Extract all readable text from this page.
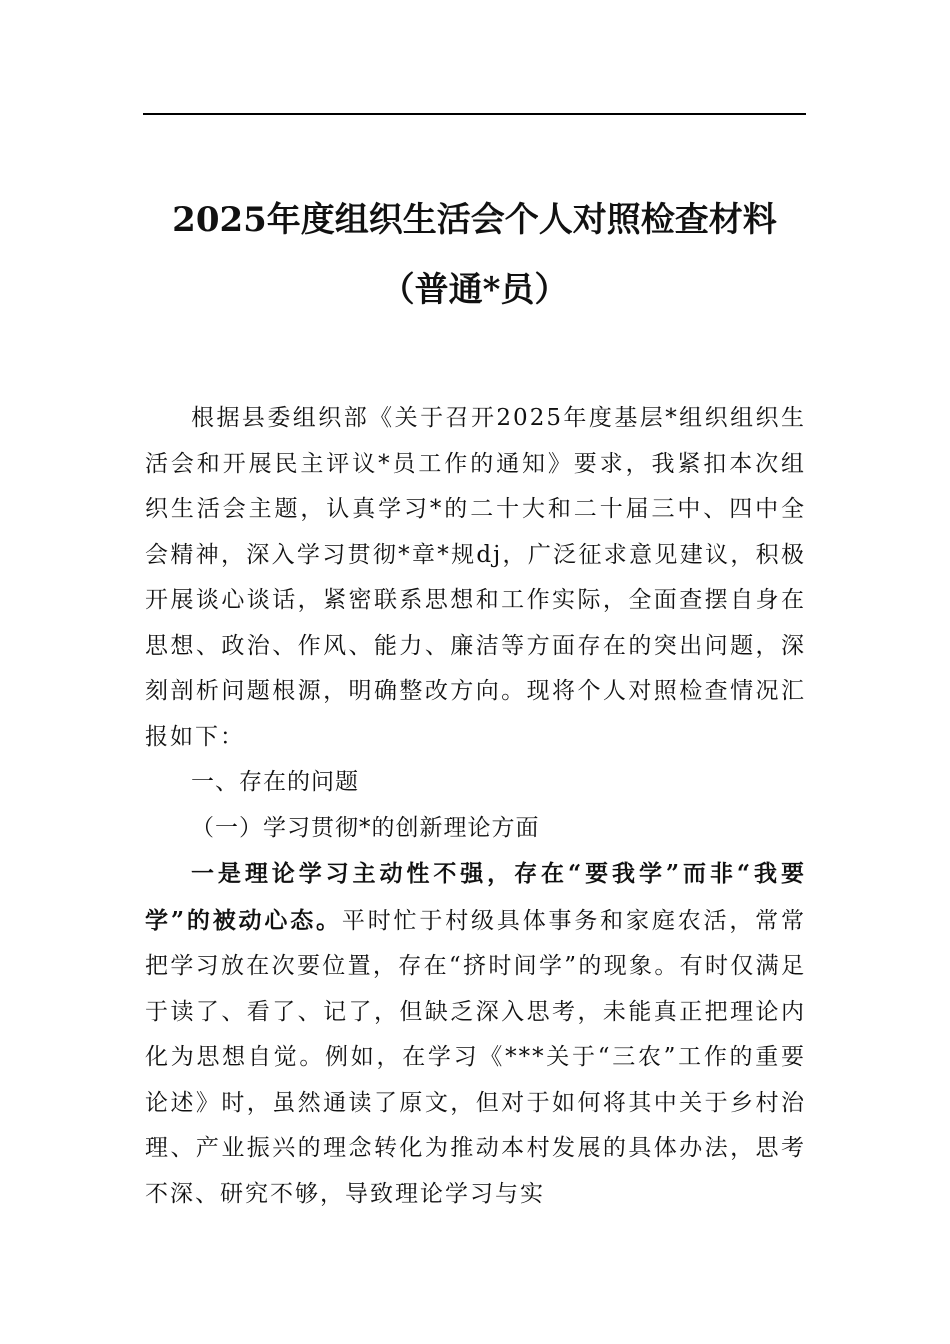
2025年度组织生活会个人对照检查材料
（普通*员）

根据县委组织部《关于召开2025年度基层*组织组织生活会和开展民主评议*员工作的通知》要求，我紧扣本次组织生活会主题，认真学习*的二十大和二十届三中、四中全会精神，深入学习贯彻*章*规dj，广泛征求意见建议，积极开展谈心谈话，紧密联系思想和工作实际，全面查摆自身在思想、政治、作风、能力、廉洁等方面存在的突出问题，深刻剖析问题根源，明确整改方向。现将个人对照检查情况汇报如下：

一、存在的问题

（一）学习贯彻*的创新理论方面

一是理论学习主动性不强，存在“要我学”而非“我要学”的被动心态。平时忙于村级具体事务和家庭农活，常常把学习放在次要位置，存在“挤时间学”的现象。有时仅满足于读了、看了、记了，但缺乏深入思考，未能真正把理论内化为思想自觉。例如，在学习《***关于“三农”工作的重要论述》时，虽然通读了原文，但对于如何将其中关于乡村治理、产业振兴的理念转化为推动本村发展的具体办法，思考不深、研究不够，导致理论学习与实
